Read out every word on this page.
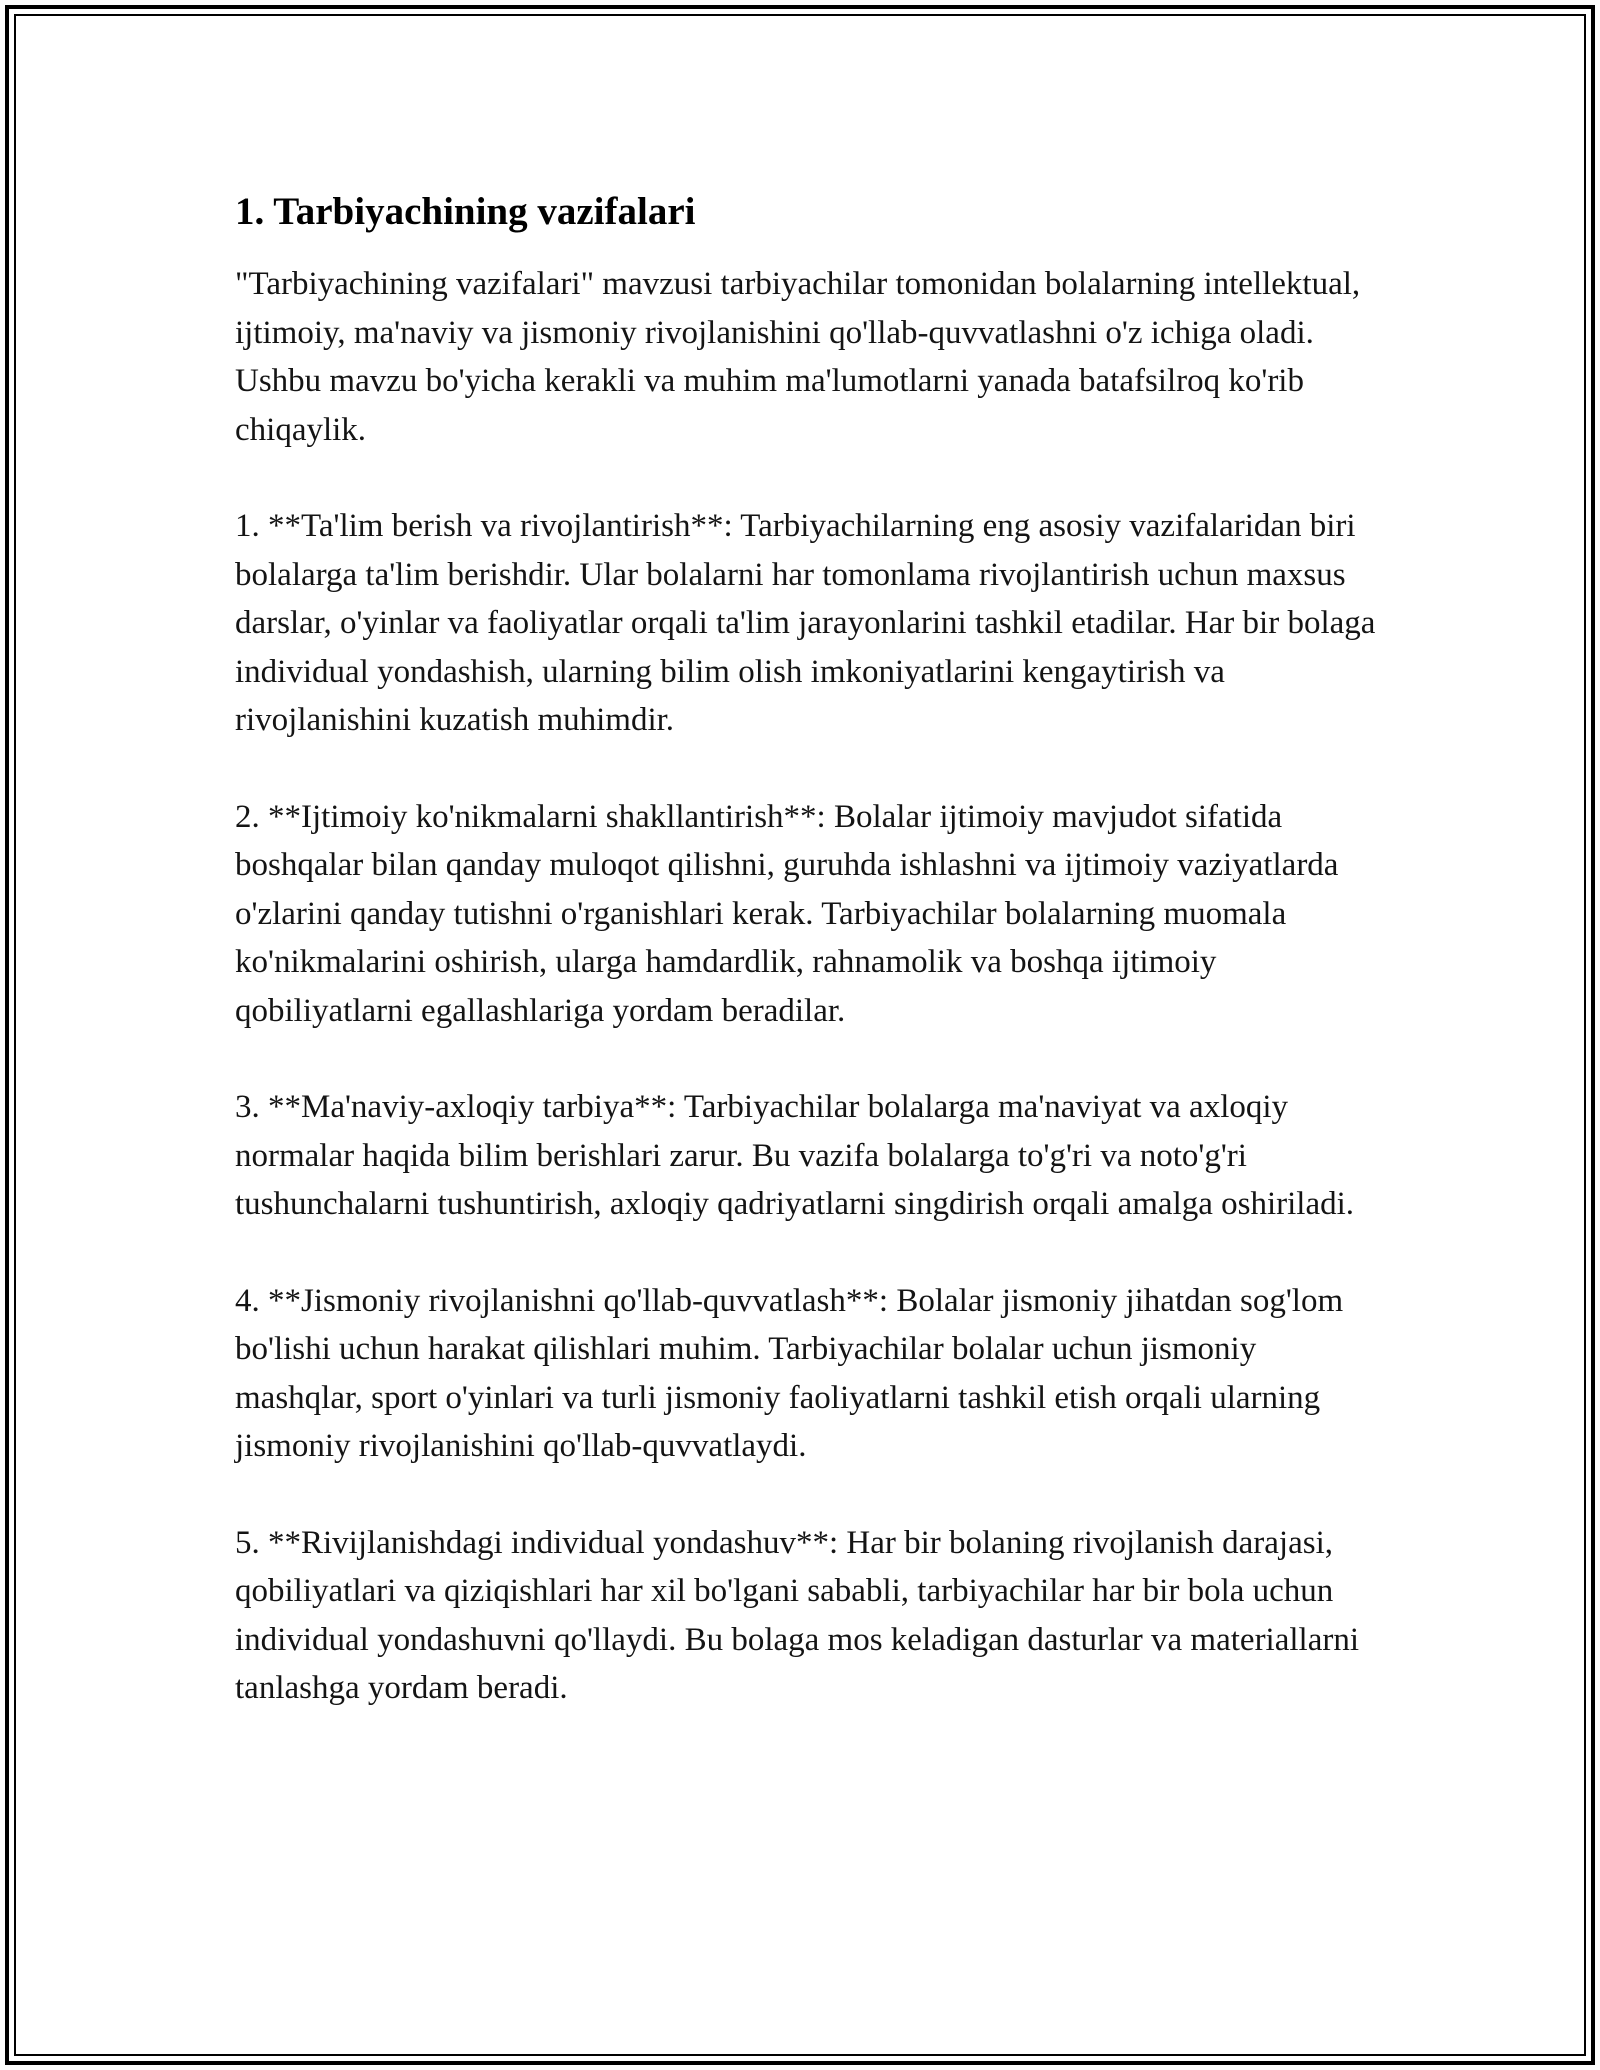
1. Tarbiyachining vazifalari

"Tarbiyachining vazifalari" mavzusi tarbiyachilar tomonidan bolalarning intellektual, ijtimoiy, ma'naviy va jismoniy rivojlanishini qo'llab-quvvatlashni o'z ichiga oladi. Ushbu mavzu bo'yicha kerakli va muhim ma'lumotlarni yanada batafsilroq ko'rib chiqaylik.

1. **Ta'lim berish va rivojlantirish**: Tarbiyachilarning eng asosiy vazifalaridan biri bolalarga ta'lim berishdir. Ular bolalarni har tomonlama rivojlantirish uchun maxsus darslar, o'yinlar va faoliyatlar orqali ta'lim jarayonlarini tashkil etadilar. Har bir bolaga individual yondashish, ularning bilim olish imkoniyatlarini kengaytirish va rivojlanishini kuzatish muhimdir.

2. **Ijtimoiy ko'nikmalarni shakllantirish**: Bolalar ijtimoiy mavjudot sifatida boshqalar bilan qanday muloqot qilishni, guruhda ishlashni va ijtimoiy vaziyatlarda o'zlarini qanday tutishni o'rganishlari kerak. Tarbiyachilar bolalarning muomala ko'nikmalarini oshirish, ularga hamdardlik, rahnamolik va boshqa ijtimoiy qobiliyatlarni egallashlariga yordam beradilar.

3. **Ma'naviy-axloqiy tarbiya**: Tarbiyachilar bolalarga ma'naviyat va axloqiy normalar haqida bilim berishlari zarur. Bu vazifa bolalarga to'g'ri va noto'g'ri tushunchalarni tushuntirish, axloqiy qadriyatlarni singdirish orqali amalga oshiriladi.

4. **Jismoniy rivojlanishni qo'llab-quvvatlash**: Bolalar jismoniy jihatdan sog'lom bo'lishi uchun harakat qilishlari muhim. Tarbiyachilar bolalar uchun jismoniy mashqlar, sport o'yinlari va turli jismoniy faoliyatlarni tashkil etish orqali ularning jismoniy rivojlanishini qo'llab-quvvatlaydi.

5. **Rivijlanishdagi individual yondashuv**: Har bir bolaning rivojlanish darajasi, qobiliyatlari va qiziqishlari har xil bo'lgani sababli, tarbiyachilar har bir bola uchun individual yondashuvni qo'llaydi. Bu bolaga mos keladigan dasturlar va materiallarni tanlashga yordam beradi.
